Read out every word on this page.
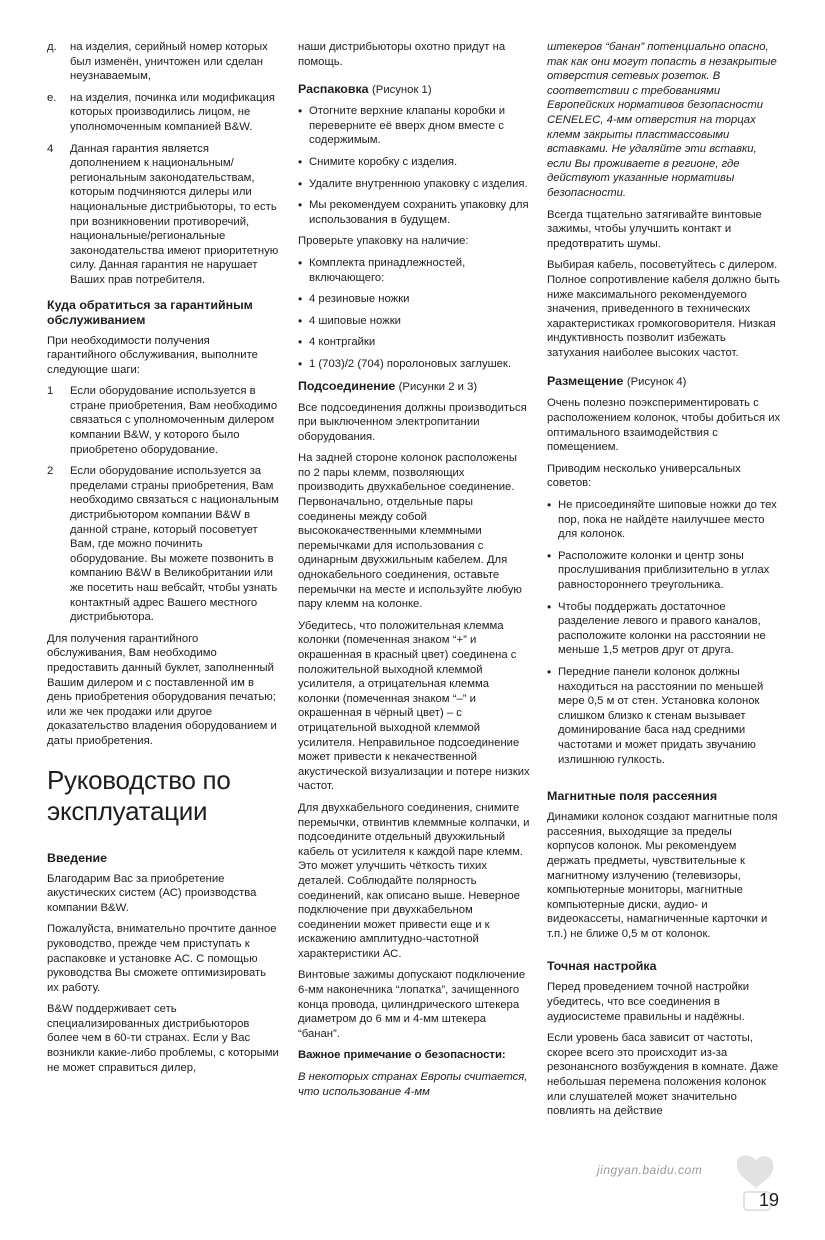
д.	на изделия, серийный номер которых был изменён, уничтожен или сделан неузнаваемым,
е.	на изделия, починка или модификация которых производились лицом, не уполномоченным компанией B&W.
4	Данная гарантия является дополнением к национальным/региональным законодательствам, которым подчиняются дилеры или национальные дистрибьюторы, то есть при возникновении противоречий, национальные/региональные законодательства имеют приоритетную силу. Данная гарантия не нарушает Ваших прав потребителя.
Куда обратиться за гарантийным обслуживанием

При необходимости получения гарантийного обслуживания, выполните следующие шаги:

1	Если оборудование используется в стране приобретения, Вам необходимо связаться с уполномоченным дилером компании B&W, у которого было приобретено оборудование.
2	Если оборудование используется за пределами страны приобретения, Вам необходимо связаться с национальным дистрибьютором компании B&W в данной стране, который посоветует Вам, где можно починить оборудование. Вы можете позвонить в компанию B&W в Великобритании или же посетить наш вебсайт, чтобы узнать контактный адрес Вашего местного дистрибьютора.

Для получения гарантийного обслуживания, Вам необходимо предоставить данный буклет, заполненный Вашим дилером и с поставленной им в день приобретения оборудования печатью; или же чек продажи или другое доказательство владения оборудованием и даты приобретения.

Руководство по эксплуатации
Введение

Благодарим Вас за приобретение акустических систем (АС) производства компании B&W.

Пожалуйста, внимательно прочтите данное руководство, прежде чем приступать к распаковке и установке АС. С помощью руководства Вы сможете оптимизировать их работу.

B&W поддерживает сеть специализированных дистрибьюторов более чем в 60-ти странах. Если у Вас возникли какие-либо проблемы, с которыми не может справиться дилер,

наши дистрибьюторы охотно придут на помощь.

Распаковка (Рисунок 1)
• Отогните верхние клапаны коробки и переверните её вверх дном вместе с содержимым.
• Снимите коробку с изделия.
• Удалите внутреннюю упаковку с изделия.
• Мы рекомендуем сохранить упаковку для использования в будущем.

Проверьте упаковку на наличие:

• Комплекта принадлежностей, включающего:
• 4 резиновые ножки
• 4 шиповые ножки
• 4 контргайки
• 1 (703)/2 (704) поролоновых заглушек.
Подсоединение (Рисунки 2 и 3)

Все подсоединения должны производиться при выключенном электропитании оборудования.

На задней стороне колонок расположены по 2 пары клемм, позволяющих производить двухкабельное соединение. Первоначально, отдельные пары соединены между собой высококачественными клеммными перемычками для использования с одинарным двухжильным кабелем. Для однокабельного соединения, оставьте перемычки на месте и используйте любую пару клемм на колонке.

Убедитесь, что положительная клемма колонки (помеченная знаком “+” и окрашенная в красный цвет) соединена с положительной выходной клеммой усилителя, а отрицательная клемма колонки (помеченная знаком “–” и окрашенная в чёрный цвет) – с отрицательной выходной клеммой усилителя. Неправильное подсоединение может привести к некачественной акустической визуализации и потере низких частот.

Для двухкабельного соединения, снимите перемычки, отвинтив клеммные колпачки, и подсоедините отдельный двухжильный кабель от усилителя к каждой паре клемм. Это может улучшить чёткость тихих деталей. Соблюдайте полярность соединений, как описано выше. Неверное подключение при двухкабельном соединении может привести еще и к искажению амплитудно-частотной характеристики АС.

Винтовые зажимы допускают подключение 6-мм наконечника “лопатка”, зачищенного конца провода, цилиндрического штекера диаметром до 6 мм и 4-мм штекера “банан”.

Важное примечание о безопасности:

В некоторых странах Европы считается, что использование 4-мм

штекеров “банан” потенциально опасно, так как они могут попасть в незакрытые отверстия сетевых розеток. В соответствии с требованиями Европейских нормативов безопасности CENELEC, 4-мм отверстия на торцах клемм закрыты пластмассовыми вставками. Не удаляйте эти вставки, если Вы проживаете в регионе, где действуют указанные нормативы безопасности.

Всегда тщательно затягивайте винтовые зажимы, чтобы улучшить контакт и предотвратить шумы.

Выбирая кабель, посоветуйтесь с дилером. Полное сопротивление кабеля должно быть ниже максимального рекомендуемого значения, приведенного в технических характеристиках громкоговорителя. Низкая индуктивность позволит избежать затухания наиболее высоких частот.

Размещение (Рисунок 4)

Очень полезно поэкспериментировать с расположением колонок, чтобы добиться их оптимального взаимодействия с помещением.

Приводим несколько универсальных советов:

• Не присоединяйте шиповые ножки до тех пор, пока не найдёте наилучшее место для колонок.
• Расположите колонки и центр зоны прослушивания приблизительно в углах равностороннего треугольника.
• Чтобы поддержать достаточное разделение левого и правого каналов, расположите колонки на расстоянии не меньше 1,5 метров друг от друга.
• Передние панели колонок должны находиться на расстоянии по меньшей мере 0,5 м от стен. Установка колонок слишком близко к стенам вызывает доминирование баса над средними частотами и может придать звучанию излишнюю гулкость.
Магнитные поля рассеяния

Динамики колонок создают магнитные поля рассеяния, выходящие за пределы корпусов колонок. Мы рекомендуем держать предметы, чувствительные к магнитному излучению (телевизоры, компьютерные мониторы, магнитные компьютерные диски, аудио- и видеокассеты, намагниченные карточки и т.п.) не ближе 0,5 м от колонок.

Точная настройка

Перед проведением точной настройки убедитесь, что все соединения в аудиосистеме правильны и надёжны.

Если уровень баса зависит от частоты, скорее всего это происходит из-за резонансного возбуждения в комнате. Даже небольшая перемена положения колонок или слушателей может значительно повлиять на действие

jingyan.baidu.com
19
